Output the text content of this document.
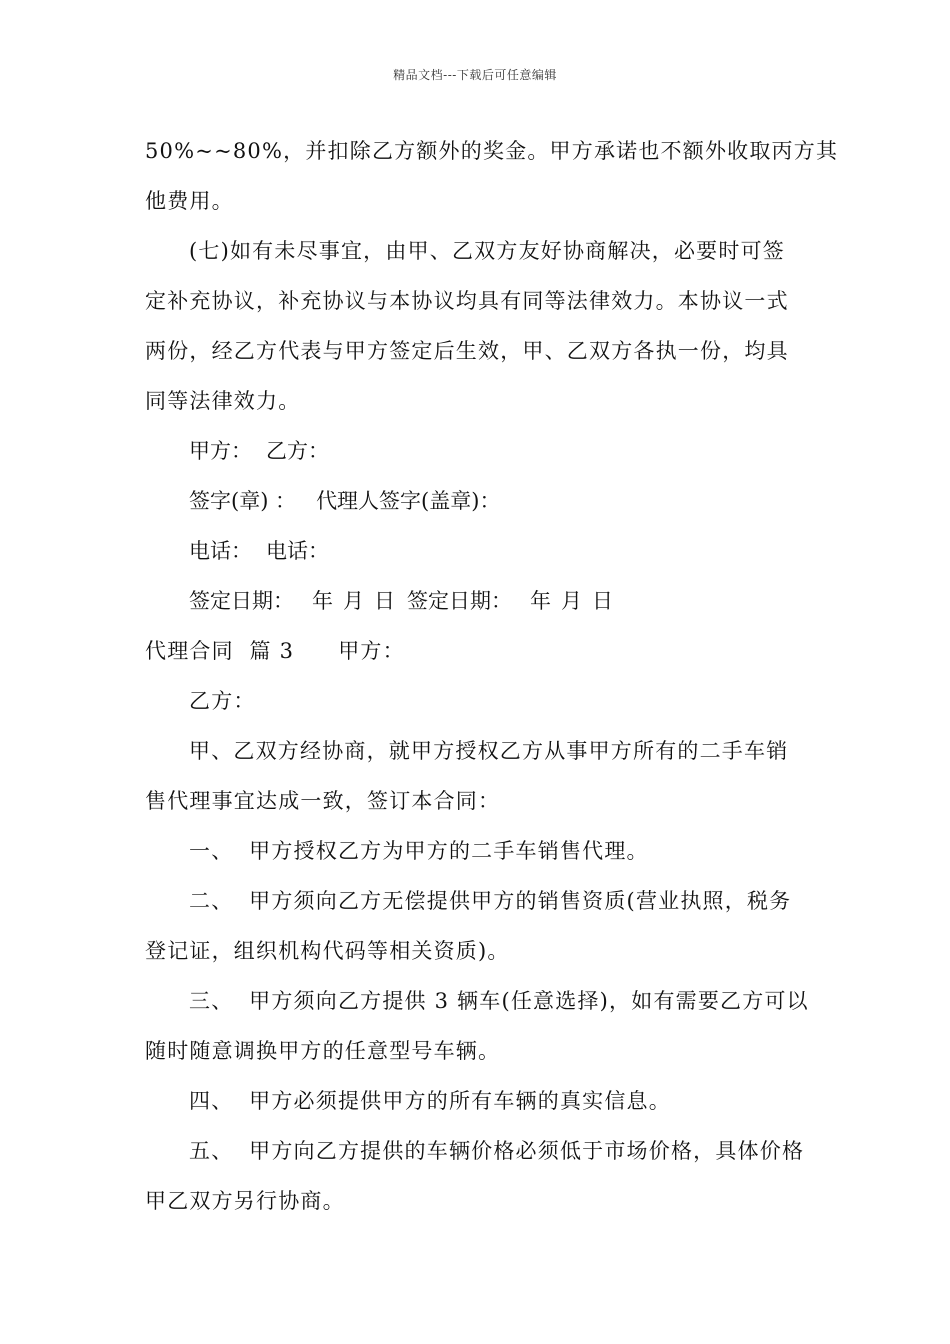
精品文档---下载后可任意编辑
50%~~80%，并扣除乙方额外的奖金。甲方承诺也不额外收取丙方其
他费用。
(七)如有未尽事宜，由甲、乙双方友好协商解决，必要时可签
定补充协议，补充协议与本协议均具有同等法律效力。本协议一式
两份，经乙方代表与甲方签定后生效，甲、乙双方各执一份，均具
同等法律效力。
甲方： 乙方：
签字(章) ： 代理人签字(盖章)：
电话： 电话：
签定日期： 年 月 日 签定日期： 年 月 日
代理合同  篇 3 甲方：
乙方：
甲、乙双方经协商，就甲方授权乙方从事甲方所有的二手车销
售代理事宜达成一致，签订本合同：
一、  甲方授权乙方为甲方的二手车销售代理。
二、  甲方须向乙方无偿提供甲方的销售资质(营业执照，税务
登记证，组织机构代码等相关资质)。
三、  甲方须向乙方提供 3 辆车(任意选择)，如有需要乙方可以
随时随意调换甲方的任意型号车辆。
四、  甲方必须提供甲方的所有车辆的真实信息。
五、  甲方向乙方提供的车辆价格必须低于市场价格，具体价格
甲乙双方另行协商。
